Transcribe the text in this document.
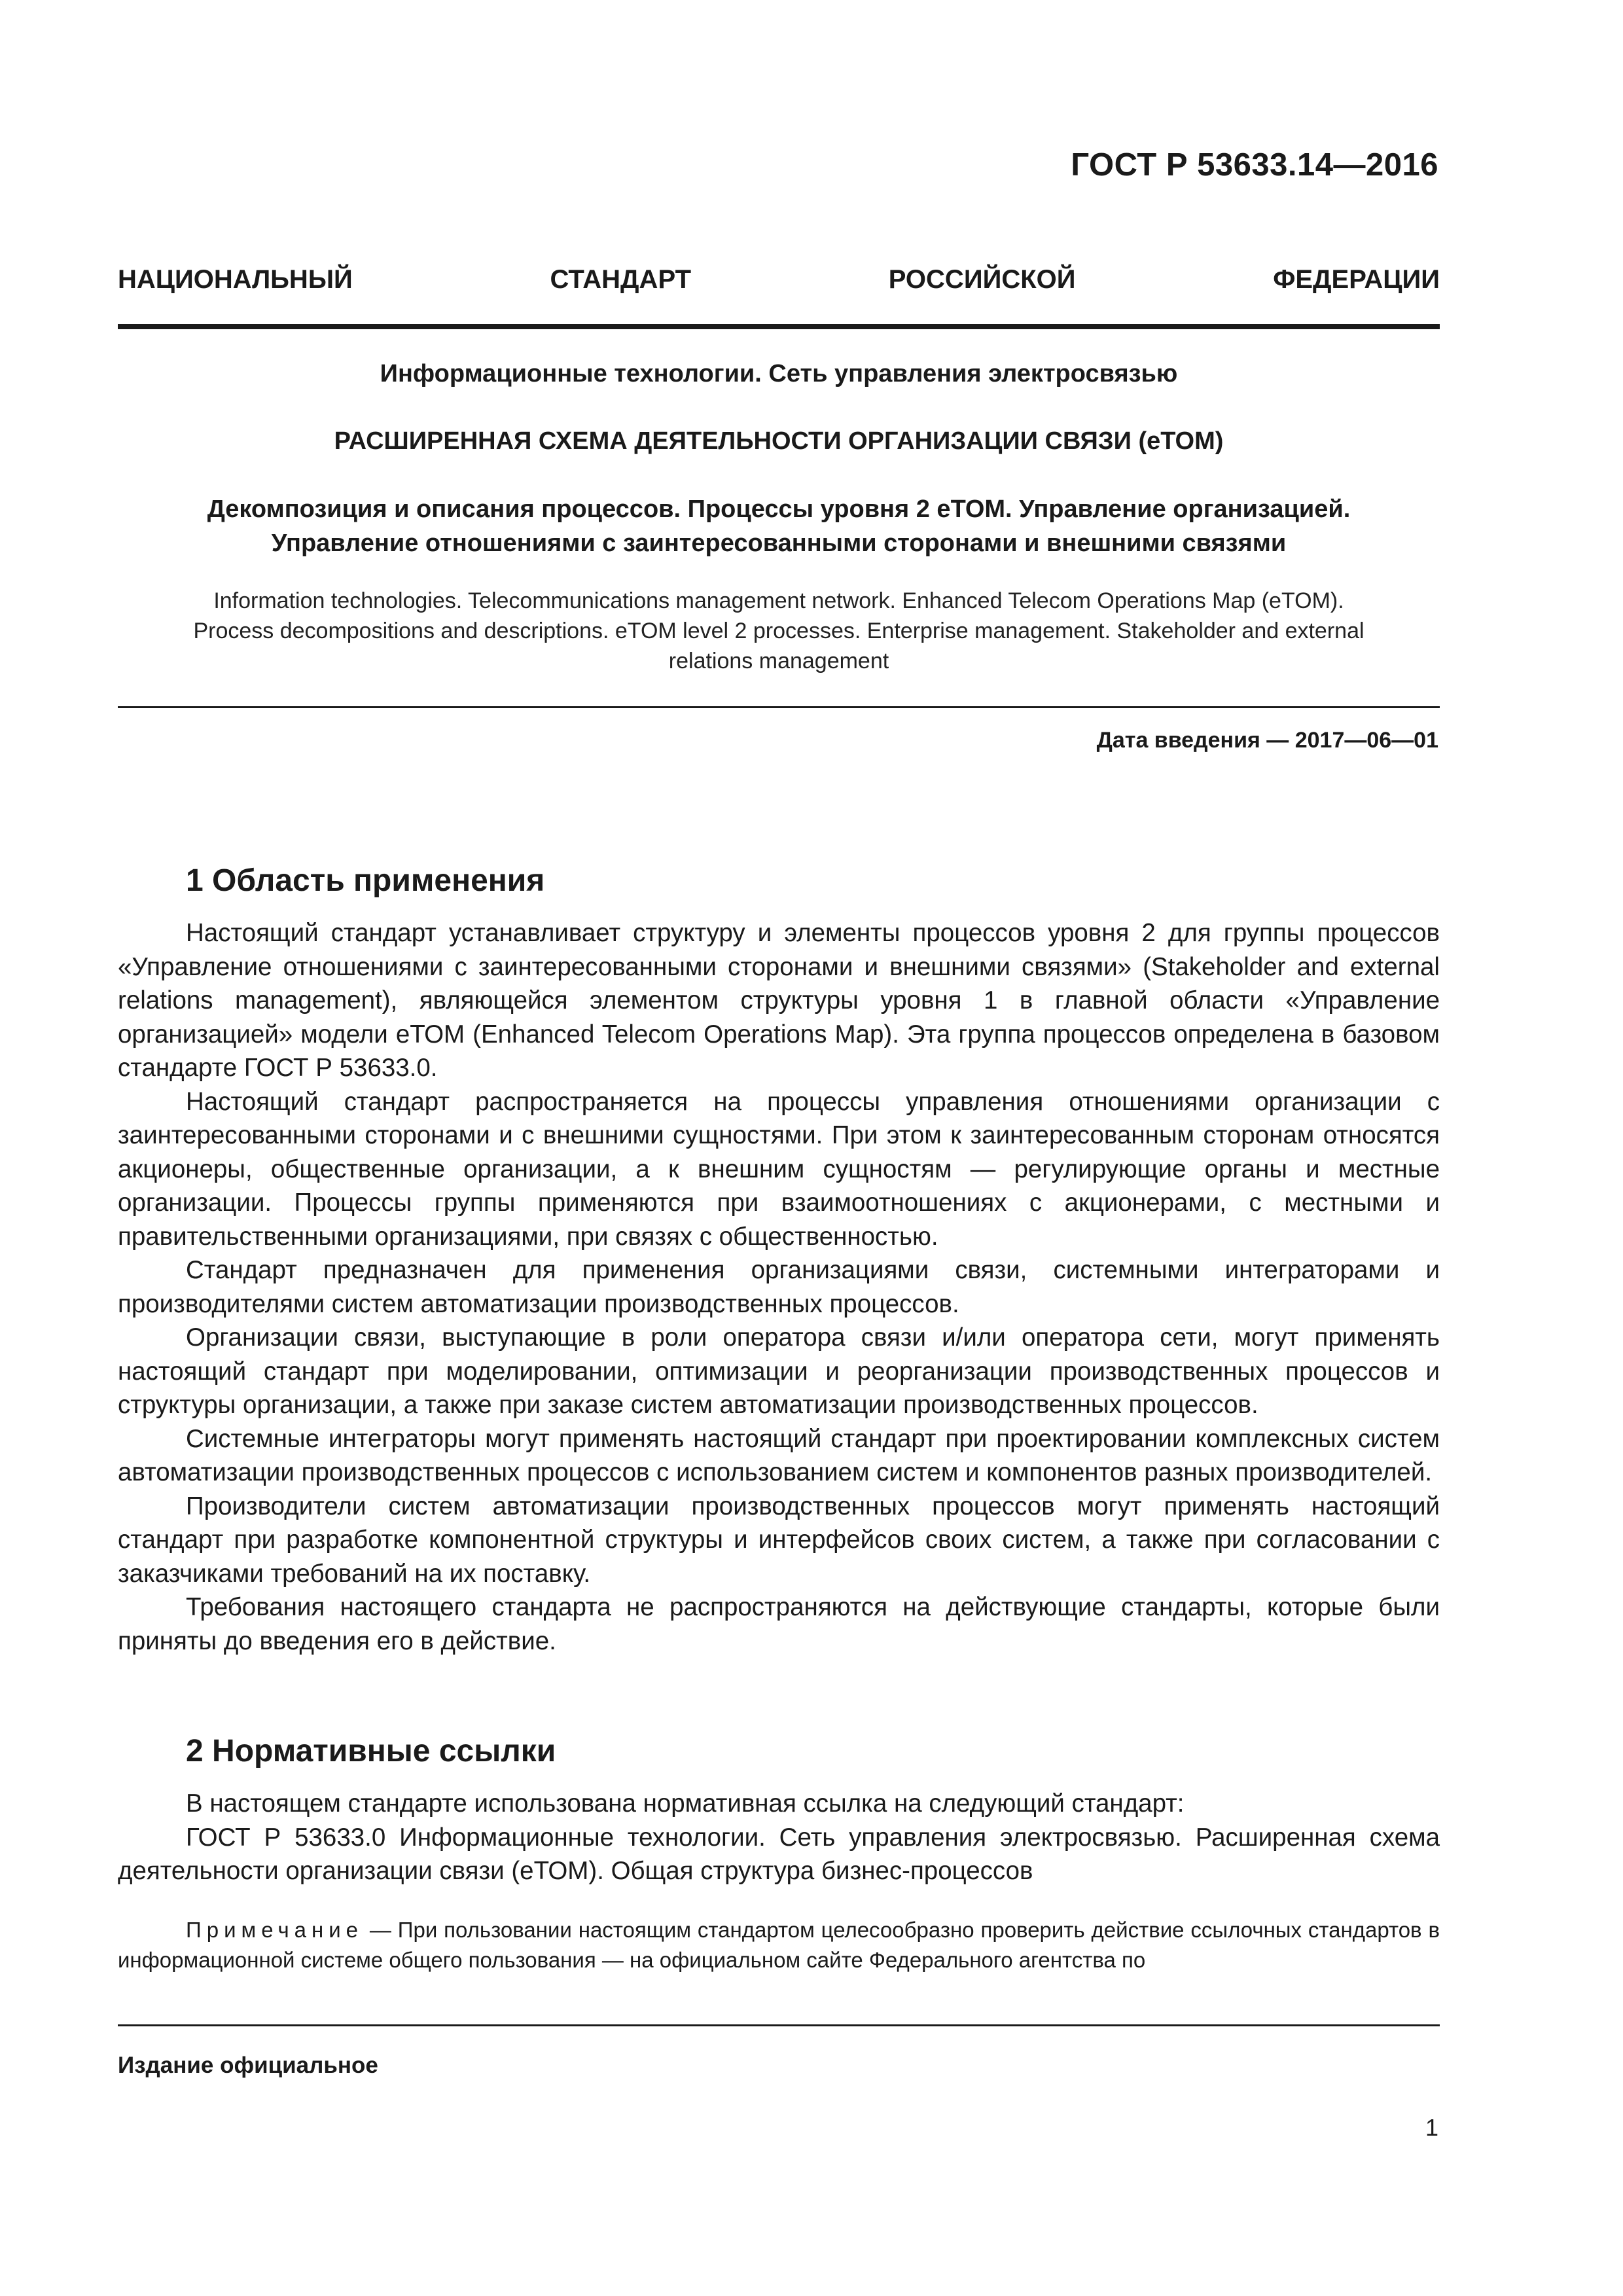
ГОСТ Р 53633.14—2016
НАЦИОНАЛЬНЫЙ СТАНДАРТ РОССИЙСКОЙ ФЕДЕРАЦИИ
Информационные технологии. Сеть управления электросвязью
РАСШИРЕННАЯ СХЕМА ДЕЯТЕЛЬНОСТИ ОРГАНИЗАЦИИ СВЯЗИ (еТОМ)
Декомпозиция и описания процессов. Процессы уровня 2 еТОМ. Управление организацией.
Управление отношениями с заинтересованными сторонами и внешними связями
Information technologies. Telecommunications management network. Enhanced Telecom Operations Map (eTOM).
Process decompositions and descriptions. eTOM level 2 processes. Enterprise management. Stakeholder and external
relations management
Дата введения — 2017—06—01
1 Область применения

Настоящий стандарт устанавливает структуру и элементы процессов уровня 2 для группы процессов «Управление отношениями с заинтересованными сторонами и внешними связями» (Stakeholder and external relations management), являющейся элементом структуры уровня 1 в главной области «Управление организацией» модели еТОМ (Enhanced Telecom Operations Map). Эта группа процессов определена в базовом стандарте ГОСТ Р 53633.0.

Настоящий стандарт распространяется на процессы управления отношениями организации с заинтересованными сторонами и с внешними сущностями. При этом к заинтересованным сторонам относятся акционеры, общественные организации, а к внешним сущностям — регулирующие органы и местные организации. Процессы группы применяются при взаимоотношениях с акционерами, с местными и правительственными организациями, при связях с общественностью.

Стандарт предназначен для применения организациями связи, системными интеграторами и производителями систем автоматизации производственных процессов.

Организации связи, выступающие в роли оператора связи и/или оператора сети, могут применять настоящий стандарт при моделировании, оптимизации и реорганизации производственных процессов и структуры организации, а также при заказе систем автоматизации производственных процессов.

Системные интеграторы могут применять настоящий стандарт при проектировании комплексных систем автоматизации производственных процессов с использованием систем и компонентов разных производителей.

Производители систем автоматизации производственных процессов могут применять настоящий стандарт при разработке компонентной структуры и интерфейсов своих систем, а также при согласовании с заказчиками требований на их поставку.

Требования настоящего стандарта не распространяются на действующие стандарты, которые были приняты до введения его в действие.

2 Нормативные ссылки

В настоящем стандарте использована нормативная ссылка на следующий стандарт:

ГОСТ Р 53633.0 Информационные технологии. Сеть управления электросвязью. Расширенная схема деятельности организации связи (еТОМ). Общая структура бизнес-процессов

Примечание — При пользовании настоящим стандартом целесообразно проверить действие ссылочных стандартов в информационной системе общего пользования — на официальном сайте Федерального агентства по

Издание официальное
1
